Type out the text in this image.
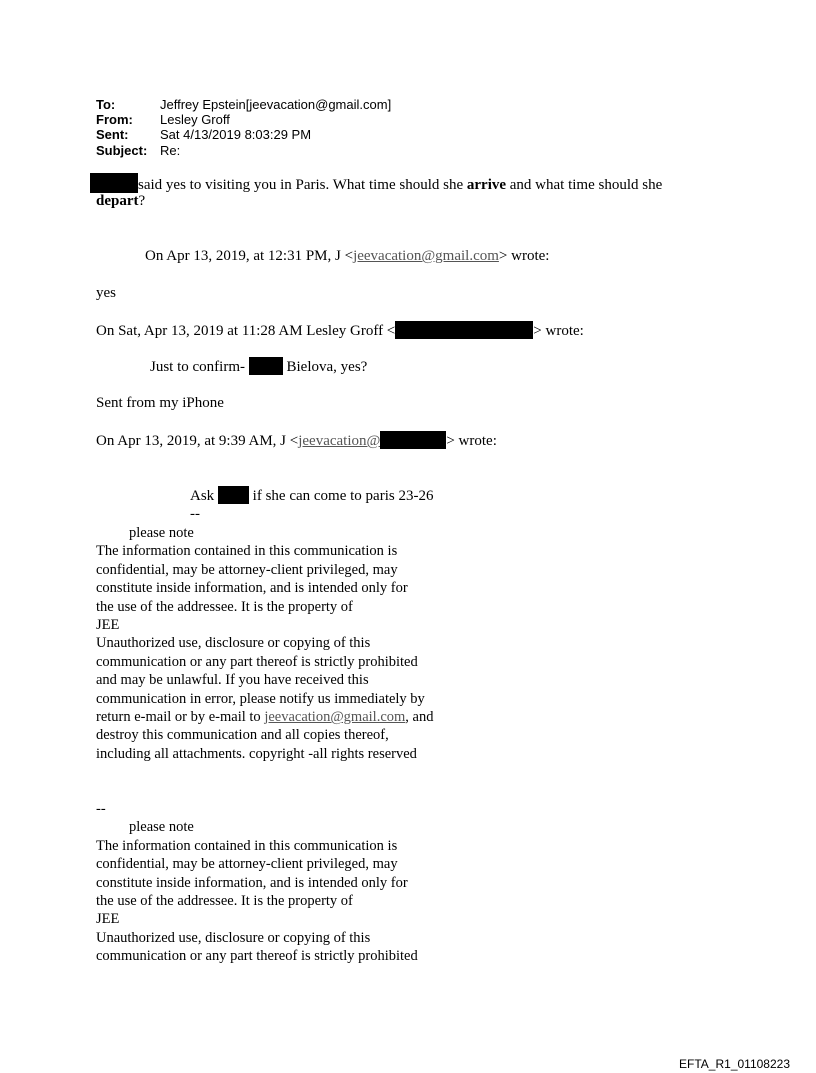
To:	Jeffrey Epstein[jeevacation@gmail.com]
From: Lesley Groff
Sent: Sat 4/13/2019 8:03:29 PM
Subject: Re:
said yes to visiting you in Paris. What time should she arrive and what time should she
depart?
On Apr 13, 2019, at 12:31 PM, J <jeevacation@gmail.com> wrote:
yes
On Sat, Apr 13, 2019 at 11:28 AM Lesley Groff <	> wrote:
Just to confirm-  Bielova, yes?
Sent from my iPhone
On Apr 13, 2019, at 9:39 AM, J <jeevacation@	> wrote:
Ask  if she can come to paris 23-26
--
please note
The information contained in this communication is
confidential, may be attorney-client privileged, may
constitute inside information, and is intended only for
the use of the addressee. It is the property of
JEE
Unauthorized use, disclosure or copying of this
communication or any part thereof is strictly prohibited
and may be unlawful. If you have received this
communication in error, please notify us immediately by
return e-mail or by e-mail to jeevacation@gmail.com, and
destroy this communication and all copies thereof,
including all attachments. copyright -all rights reserved
--
please note
The information contained in this communication is
confidential, may be attorney-client privileged, may
constitute inside information, and is intended only for
the use of the addressee. It is the property of
JEE
Unauthorized use, disclosure or copying of this
communication or any part thereof is strictly prohibited
EFTA_R1_01108223
